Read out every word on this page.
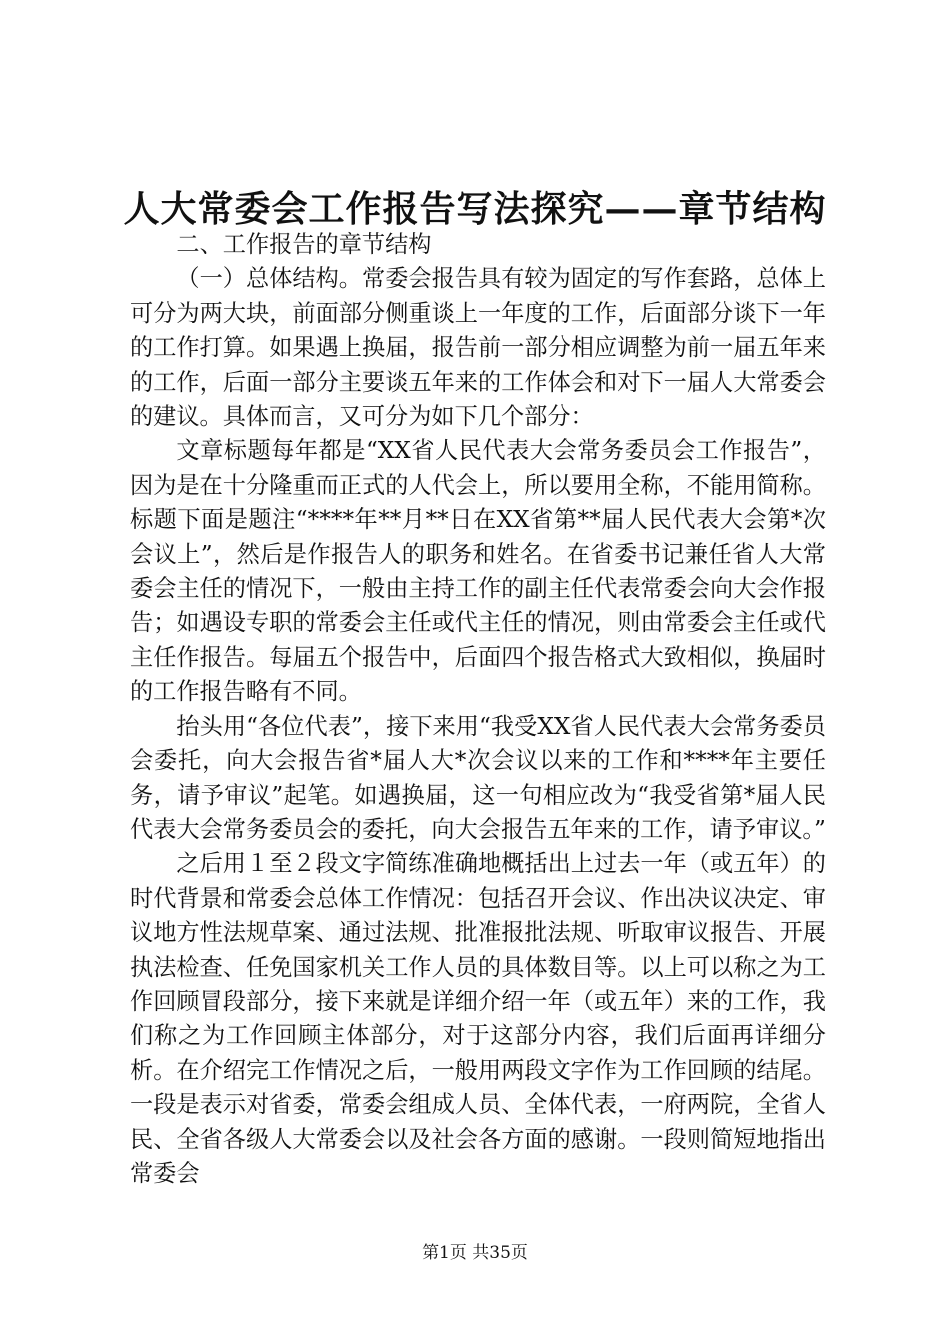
人大常委会工作报告写法探究——章节结构

二、工作报告的章节结构

（一）总体结构。常委会报告具有较为固定的写作套路，总体上可分为两大块，前面部分侧重谈上一年度的工作，后面部分谈下一年的工作打算。如果遇上换届，报告前一部分相应调整为前一届五年来的工作，后面一部分主要谈五年来的工作体会和对下一届人大常委会的建议。具体而言，又可分为如下几个部分：

文章标题每年都是“XX省人民代表大会常务委员会工作报告”，因为是在十分隆重而正式的人代会上，所以要用全称，不能用简称。标题下面是题注“****年**月**日在XX省第**届人民代表大会第*次会议上”，然后是作报告人的职务和姓名。在省委书记兼任省人大常委会主任的情况下，一般由主持工作的副主任代表常委会向大会作报告；如遇设专职的常委会主任或代主任的情况，则由常委会主任或代主任作报告。每届五个报告中，后面四个报告格式大致相似，换届时的工作报告略有不同。

抬头用“各位代表”，接下来用“我受XX省人民代表大会常务委员会委托，向大会报告省*届人大*次会议以来的工作和****年主要任务，请予审议”起笔。如遇换届，这一句相应改为“我受省第*届人民代表大会常务委员会的委托，向大会报告五年来的工作，请予审议。”

之后用１至２段文字简练准确地概括出上过去一年（或五年）的时代背景和常委会总体工作情况：包括召开会议、作出决议决定、审议地方性法规草案、通过法规、批准报批法规、听取审议报告、开展执法检查、任免国家机关工作人员的具体数目等。以上可以称之为工作回顾冒段部分，接下来就是详细介绍一年（或五年）来的工作，我们称之为工作回顾主体部分，对于这部分内容，我们后面再详细分析。在介绍完工作情况之后，一般用两段文字作为工作回顾的结尾。一段是表示对省委，常委会组成人员、全体代表，一府两院，全省人民、全省各级人大常委会以及社会各方面的感谢。一段则简短地指出常委会

第1页 共35页
